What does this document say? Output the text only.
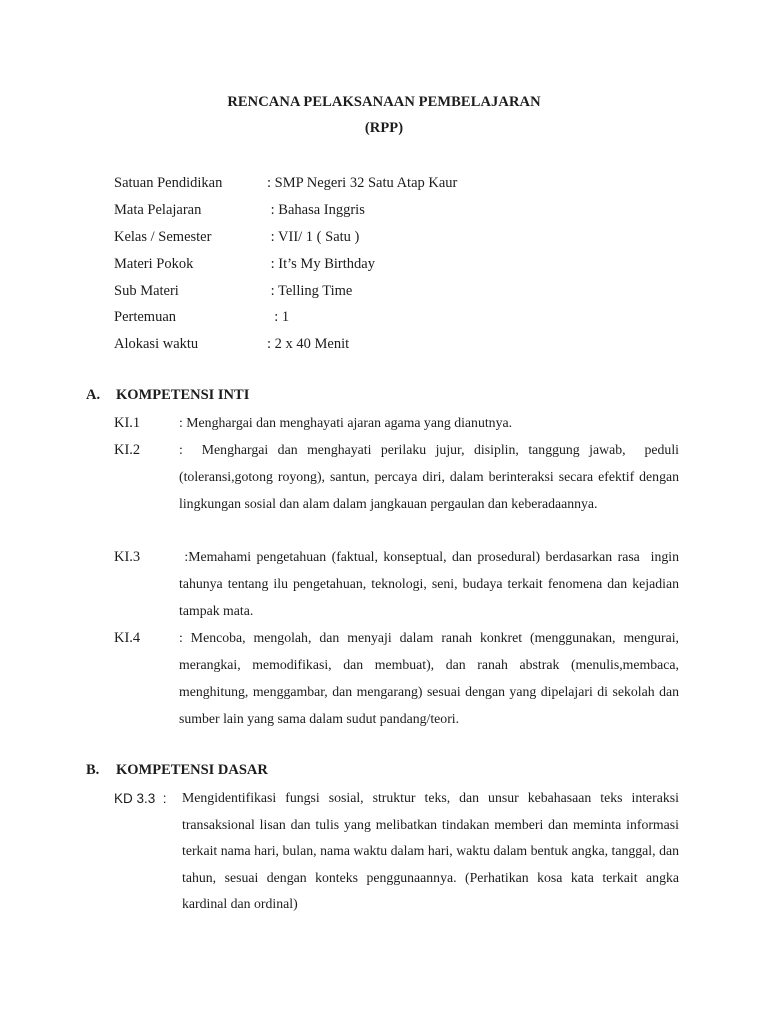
RENCANA PELAKSANAAN PEMBELAJARAN
(RPP)
Satuan Pendidikan	: SMP Negeri 32 Satu Atap Kaur
Mata Pelajaran	: Bahasa Inggris
Kelas / Semester	: VII/ 1 ( Satu )
Materi Pokok	: It’s My Birthday
Sub Materi	: Telling Time
Pertemuan	: 1
Alokasi waktu	: 2 x 40 Menit
A. KOMPETENSI INTI
KI.1	: Menghargai dan menghayati ajaran agama yang dianutnya.
KI.2	:  Menghargai dan menghayati perilaku jujur, disiplin, tanggung jawab,  peduli (toleransi,gotong royong), santun, percaya diri, dalam berinteraksi secara efektif dengan lingkungan sosial dan alam dalam jangkauan pergaulan dan keberadaannya.
KI.3	:Memahami pengetahuan (faktual, konseptual, dan prosedural) berdasarkan rasa  ingin tahunya tentang ilu pengetahuan, teknologi, seni, budaya terkait fenomena dan kejadian tampak mata.
KI.4	: Mencoba, mengolah, dan menyaji dalam ranah konkret (menggunakan, mengurai, merangkai, memodifikasi, dan membuat), dan ranah abstrak (menulis,membaca, menghitung, menggambar, dan mengarang) sesuai dengan yang dipelajari di sekolah dan sumber lain yang sama dalam sudut pandang/teori.
B. KOMPETENSI DASAR
KD 3.3  : Mengidentifikasi fungsi sosial, struktur teks, dan unsur kebahasaan teks interaksi transaksional lisan dan tulis yang melibatkan tindakan memberi dan meminta informasi terkait nama hari, bulan, nama waktu dalam hari, waktu dalam bentuk angka, tanggal, dan tahun, sesuai dengan konteks penggunaannya. (Perhatikan kosa kata terkait angka kardinal dan ordinal)
